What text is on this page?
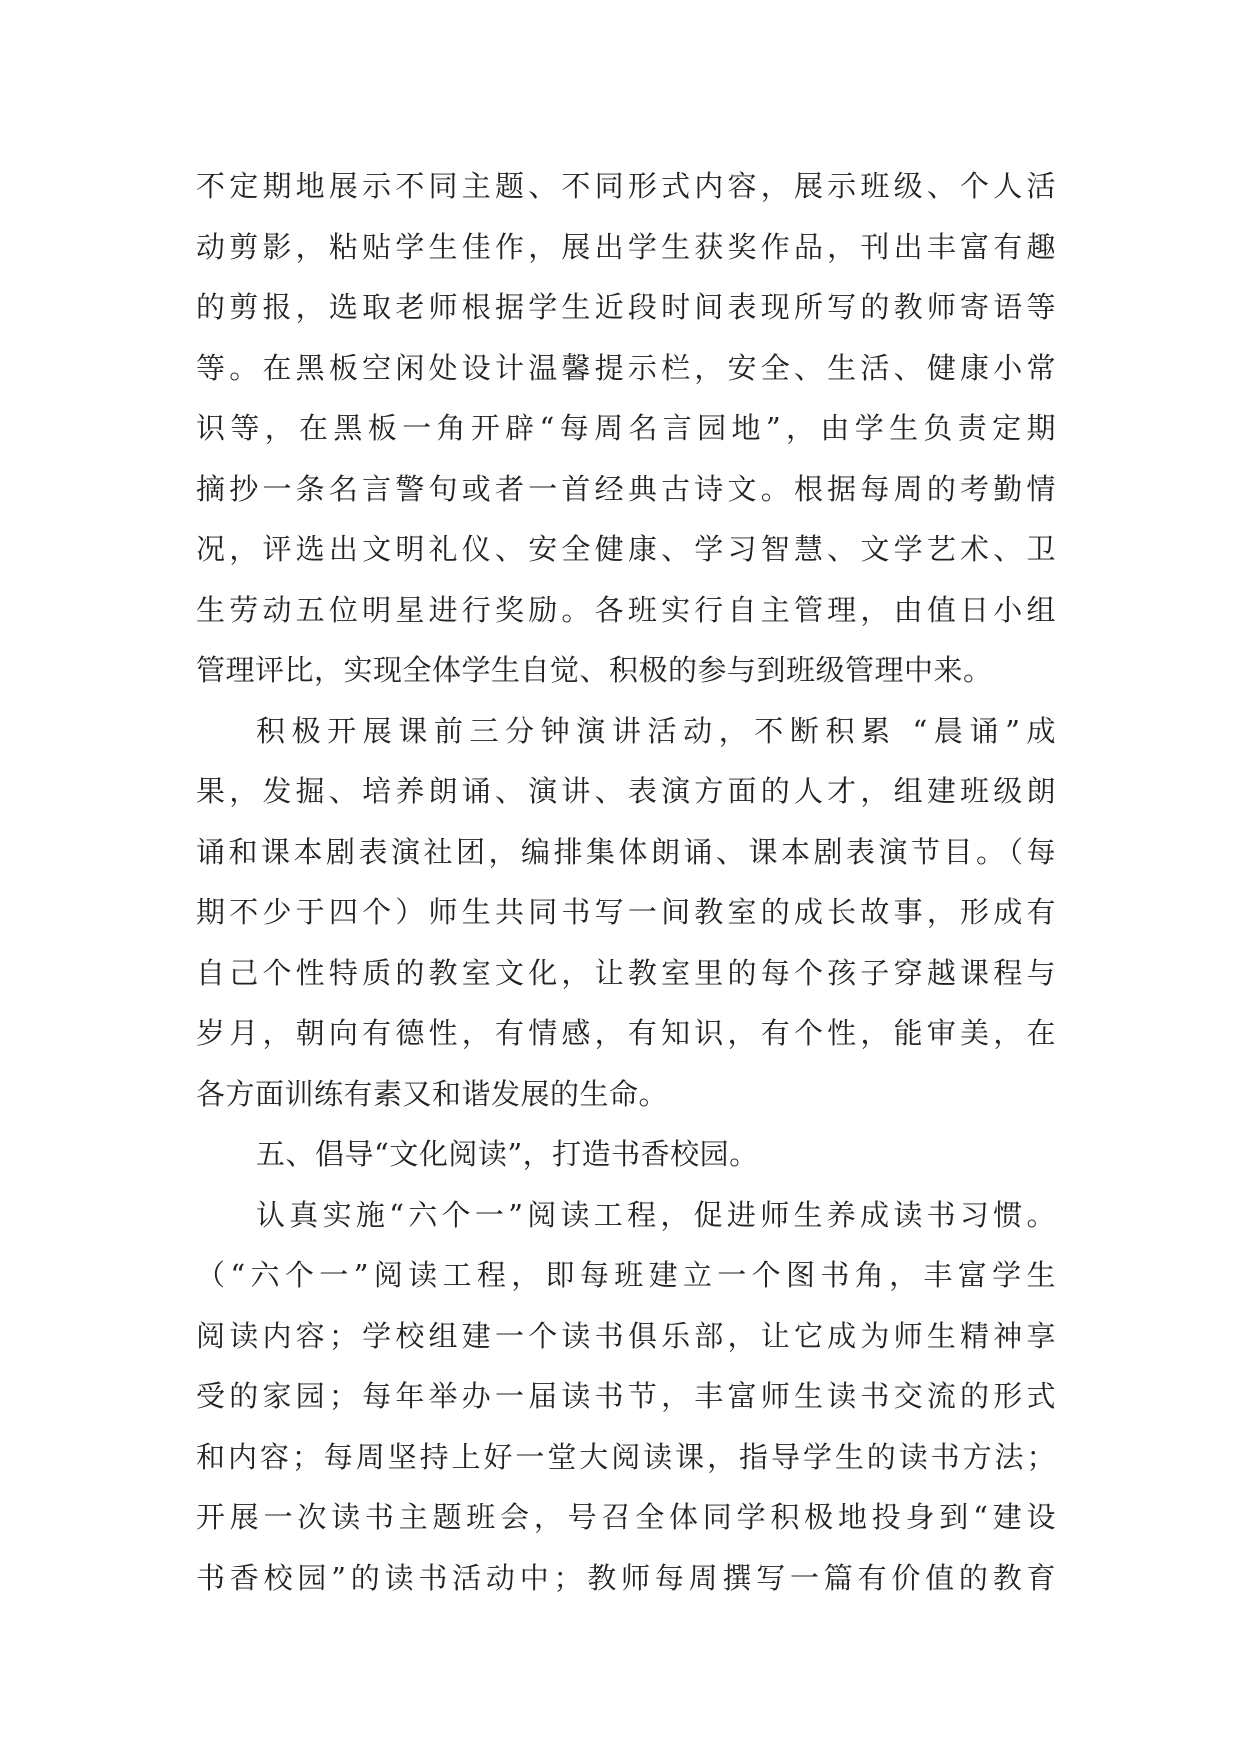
不定期地展示不同主题、不同形式内容，展示班级、个人活
动剪影，粘贴学生佳作，展出学生获奖作品，刊出丰富有趣
的剪报，选取老师根据学生近段时间表现所写的教师寄语等
等。在黑板空闲处设计温馨提示栏，安全、生活、健康小常
识等，在黑板一角开辟“每周名言园地”，由学生负责定期
摘抄一条名言警句或者一首经典古诗文。根据每周的考勤情
况，评选出文明礼仪、安全健康、学习智慧、文学艺术、卫
生劳动五位明星进行奖励。各班实行自主管理，由值日小组
管理评比，实现全体学生自觉、积极的参与到班级管理中来。
积极开展课前三分钟演讲活动，不断积累 “晨诵”成
果，发掘、培养朗诵、演讲、表演方面的人才，组建班级朗
诵和课本剧表演社团，编排集体朗诵、课本剧表演节目。（每
期不少于四个）师生共同书写一间教室的成长故事，形成有
自己个性特质的教室文化，让教室里的每个孩子穿越课程与
岁月，朝向有德性，有情感，有知识，有个性，能审美，在
各方面训练有素又和谐发展的生命。
五、倡导“文化阅读”，打造书香校园。
认真实施“六个一”阅读工程，促进师生养成读书习惯。
（“六个一”阅读工程，即每班建立一个图书角，丰富学生
阅读内容；学校组建一个读书俱乐部，让它成为师生精神享
受的家园；每年举办一届读书节，丰富师生读书交流的形式
和内容；每周坚持上好一堂大阅读课，指导学生的读书方法；
开展一次读书主题班会，号召全体同学积极地投身到“建设
书香校园”的读书活动中；教师每周撰写一篇有价值的教育
